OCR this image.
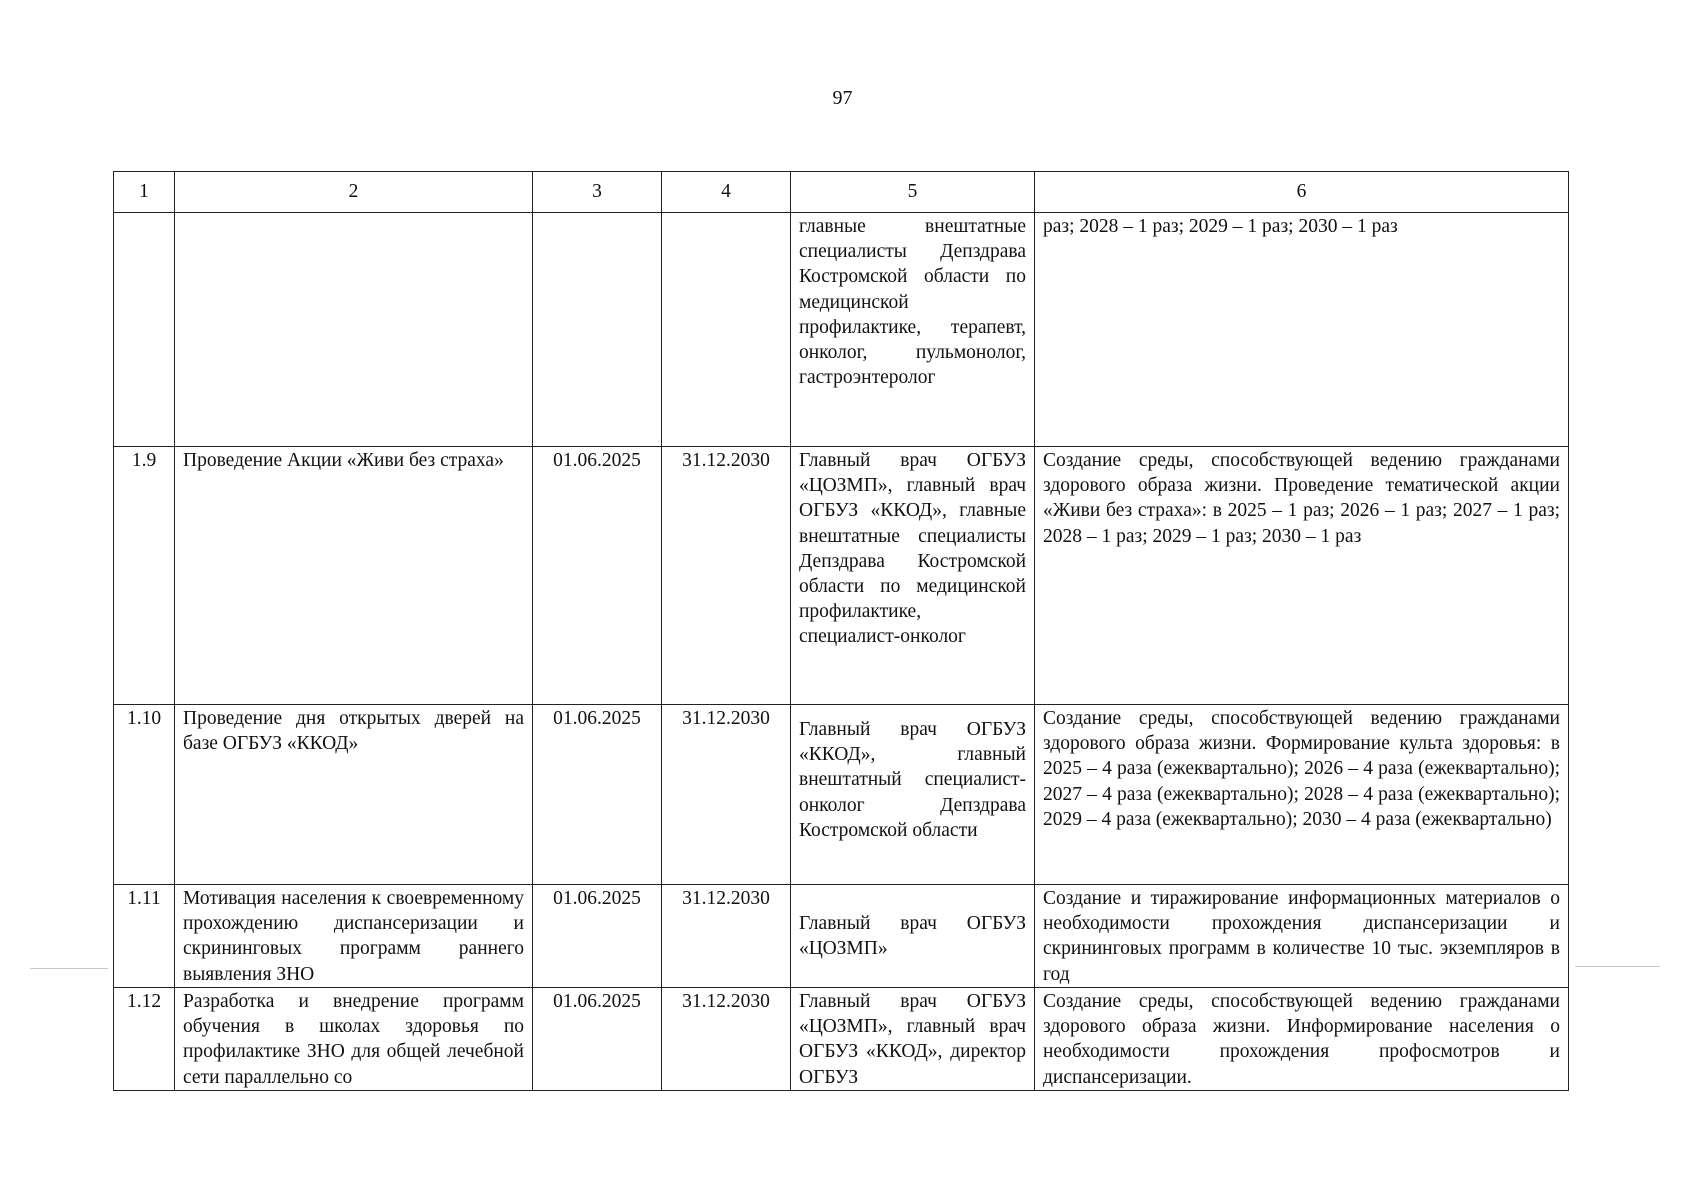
97
1	2	3	4	5	6
				главные внештатные специалисты Депздрава Костромской области по медицинской профилактике, терапевт, онколог, пульмонолог, гастроэнтеролог	раз; 2028 – 1 раз; 2029 – 1 раз; 2030 – 1 раз
1.9	Проведение Акции «Живи без страха»	01.06.2025	31.12.2030	Главный врач ОГБУЗ «ЦОЗМП», главный врач ОГБУЗ «ККОД», главные внештатные специалисты Депздрава Костромской области по медицинской профилактике, специалист-онколог	Создание среды, способствующей ведению гражданами здорового образа жизни. Проведение тематической акции «Живи без страха»: в 2025 – 1 раз; 2026 – 1 раз; 2027 – 1 раз; 2028 – 1 раз; 2029 – 1 раз; 2030 – 1 раз
1.10	Проведение дня открытых дверей на базе ОГБУЗ «ККОД»	01.06.2025	31.12.2030	Главный врач ОГБУЗ «ККОД», главный внештатный специалист-онколог Депздрава Костромской области	Создание среды, способствующей ведению гражданами здорового образа жизни. Формирование культа здоровья: в 2025 – 4 раза (ежеквартально); 2026 – 4 раза (ежеквартально); 2027 – 4 раза (ежеквартально); 2028 – 4 раза (ежеквартально); 2029 – 4 раза (ежеквартально); 2030 – 4 раза (ежеквартально)
1.11	Мотивация населения к своевременному прохождению диспансеризации и скрининговых программ раннего выявления ЗНО	01.06.2025	31.12.2030	Главный врач ОГБУЗ «ЦОЗМП»	Создание и тиражирование информационных материалов о необходимости прохождения диспансеризации и скрининговых программ в количестве 10 тыс. экземпляров в год
1.12	Разработка и внедрение программ обучения в школах здоровья по профилактике ЗНО для общей лечебной сети параллельно со	01.06.2025	31.12.2030	Главный врач ОГБУЗ «ЦОЗМП», главный врач ОГБУЗ «ККОД», директор ОГБУЗ	Создание среды, способствующей ведению гражданами здорового образа жизни. Информирование населения о необходимости прохождения профосмотров и диспансеризации.
